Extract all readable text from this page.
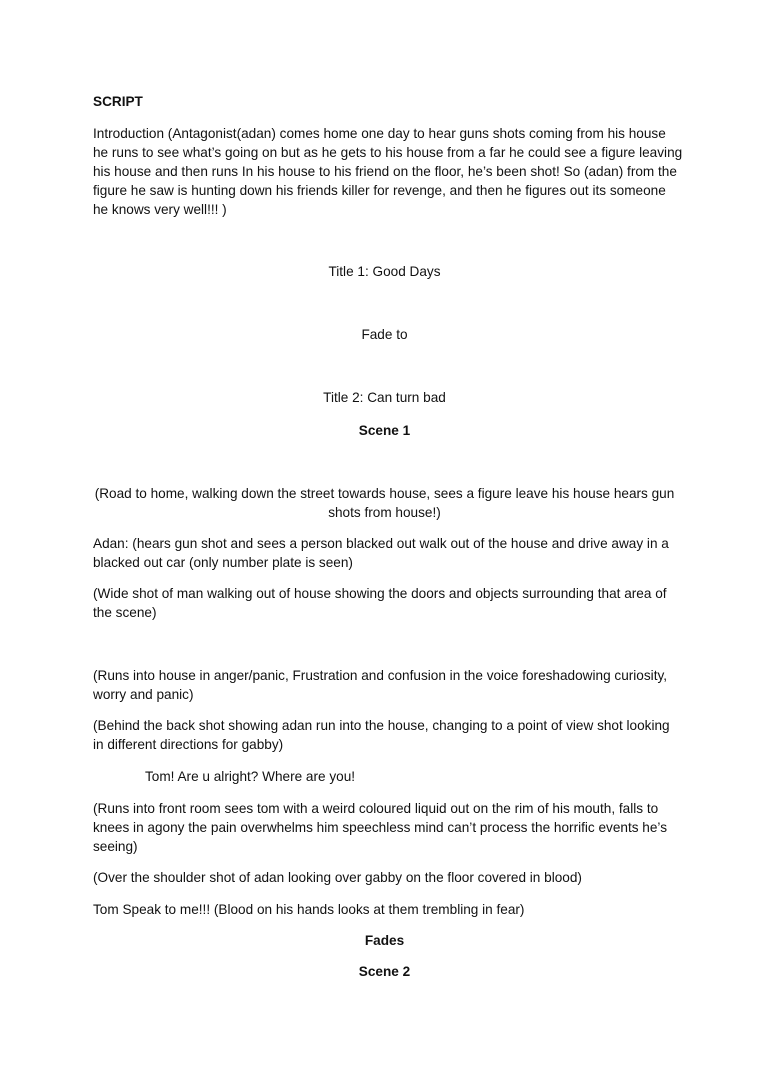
SCRIPT

Introduction (Antagonist(adan) comes home one day to hear guns shots coming from his house he runs to see what’s going on but as he gets to his house from a far he could see a figure leaving his house and then runs In his house to his friend on the floor, he’s been shot! So (adan) from the figure he saw is hunting down his friends killer for revenge, and then he figures out its someone he knows very well!!! )

Title 1: Good Days

Fade to

Title 2: Can turn bad

Scene 1

(Road to home, walking down the street towards house, sees a figure leave his house hears gun shots from house!)

Adan: (hears gun shot and sees a person blacked out walk out of the house and drive away in a blacked out car (only number plate is seen)

(Wide shot of man walking out of house showing the doors and objects surrounding that area of the scene)

(Runs into house in anger/panic, Frustration and confusion in the voice foreshadowing curiosity, worry and panic)

(Behind the back shot showing adan run into the house, changing to a point of view shot looking in different directions for gabby)

Tom! Are u alright? Where are you!

(Runs into front room sees tom with a weird coloured liquid out on the rim of his mouth, falls to knees in agony the pain overwhelms him speechless mind can’t process the horrific events he’s seeing)

(Over the shoulder shot of adan looking over gabby on the floor covered in blood)

Tom Speak to me!!! (Blood on his hands looks at them trembling in fear)

Fades

Scene 2
